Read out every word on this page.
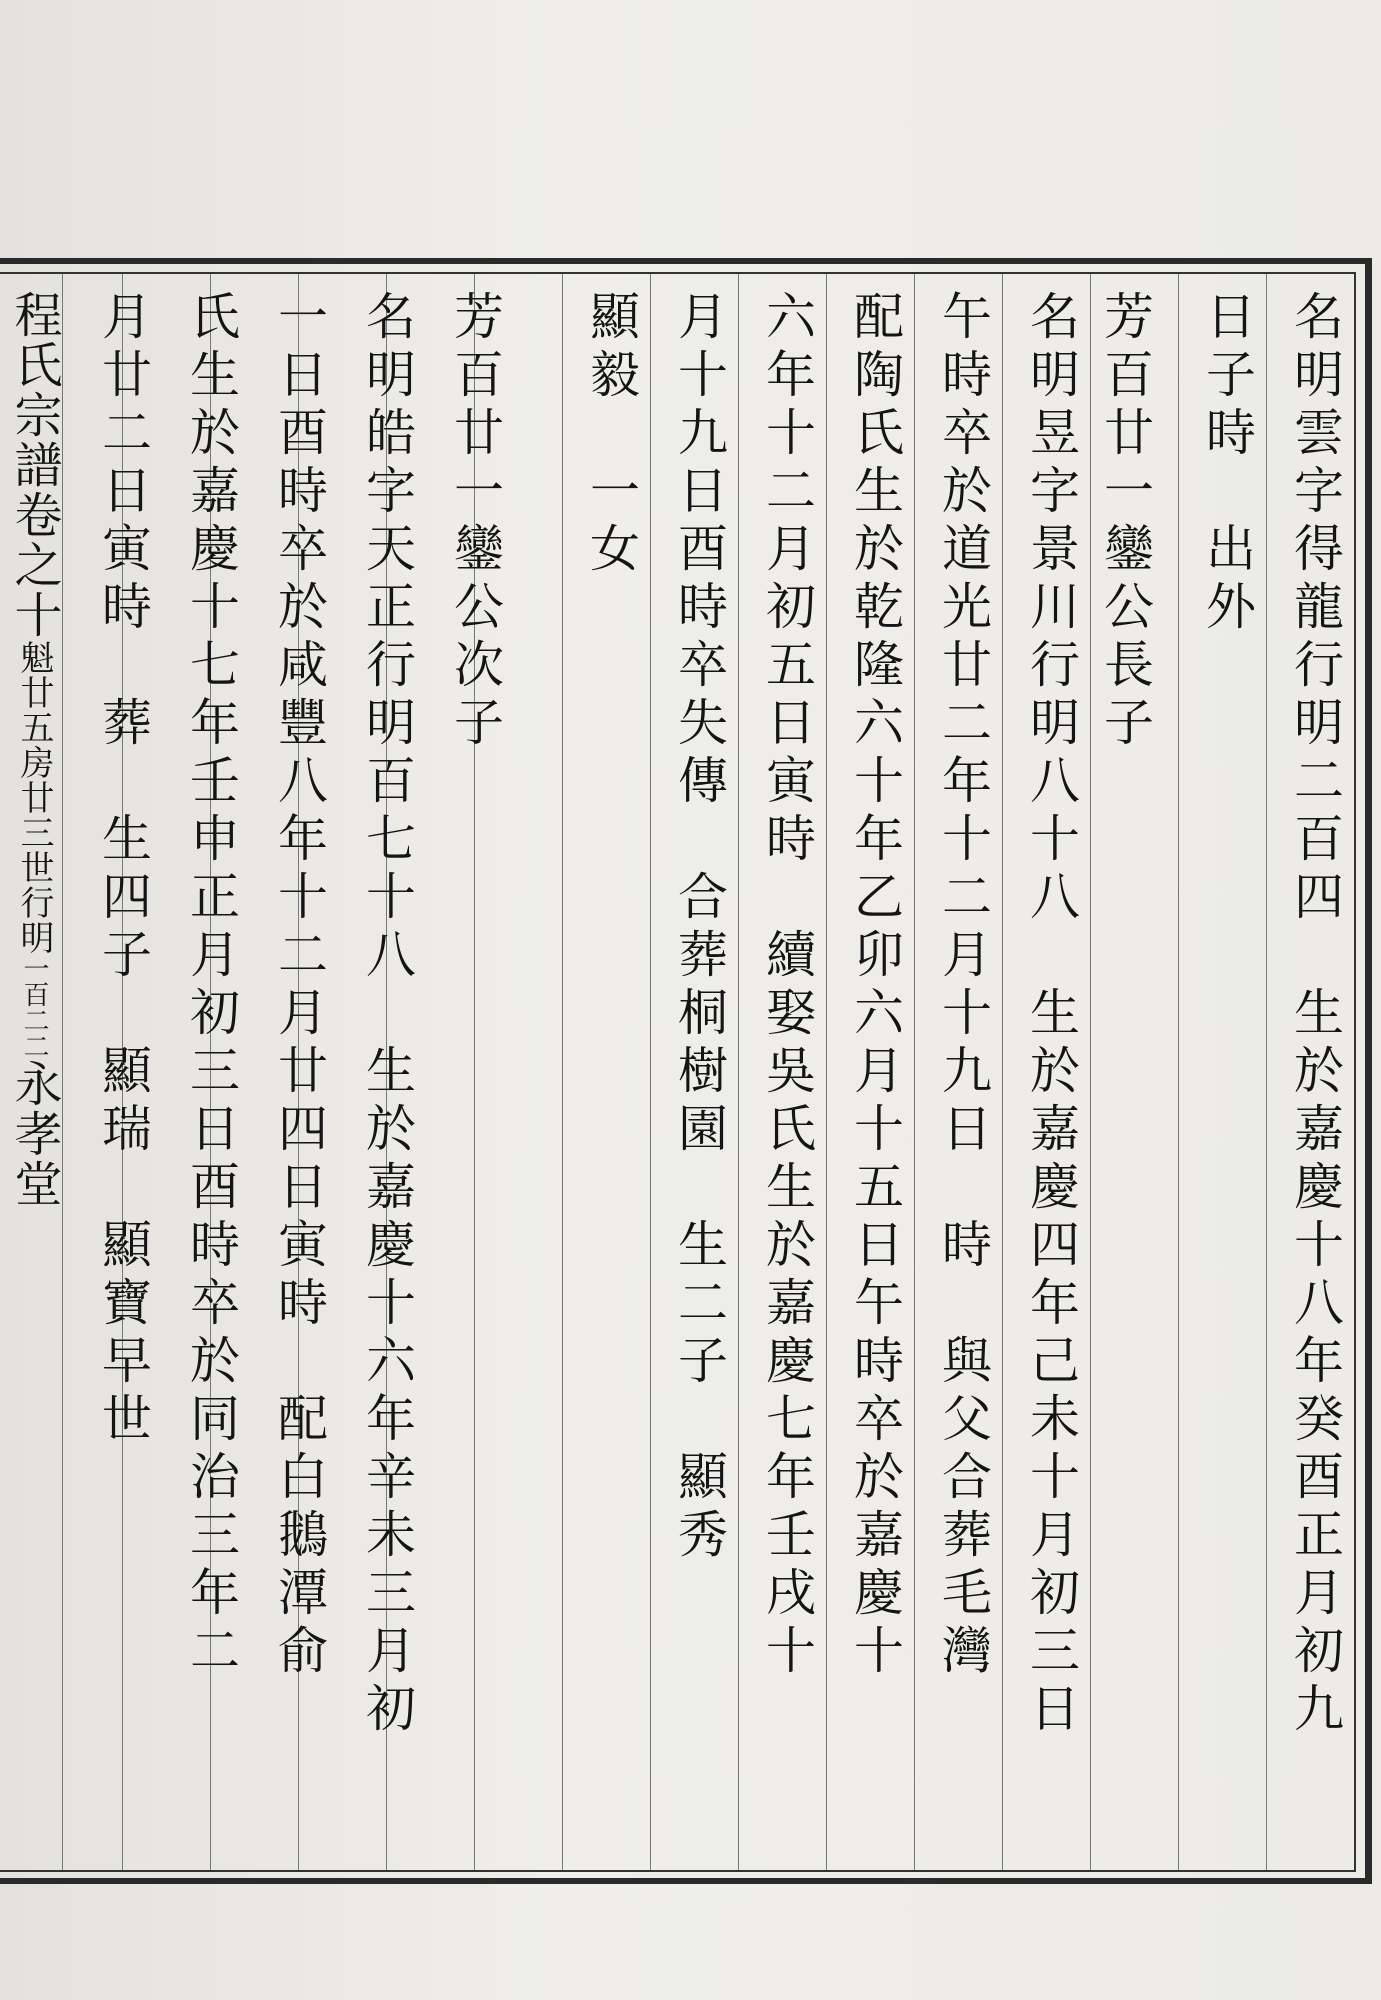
名明雲字得龍行明二百四　生於嘉慶十八年癸酉正月初九
日子時　出外
芳百廿一鑾公長子
名明昱字景川行明八十八　生於嘉慶四年己未十月初三日
午時卒於道光廿二年十二月十九日　時　與父合葬毛灣
配陶氏生於乾隆六十年乙卯六月十五日午時卒於嘉慶十
六年十二月初五日寅時　續娶吳氏生於嘉慶七年壬戌十
月十九日酉時卒失傳　合葬桐樹園　生二子　顯秀
顯毅　一女
芳百廿一鑾公次子
名明皓字天正行明百七十八　生於嘉慶十六年辛未三月初
一日酉時卒於咸豐八年十二月廿四日寅時　配白鵝潭俞
氏生於嘉慶十七年壬申正月初三日酉時卒於同治三年二
月廿二日寅時　葬　生四子　顯瑞　顯寶早世
程氏宗譜卷之十魁廿五房廿三世行明一百二二永孝堂
